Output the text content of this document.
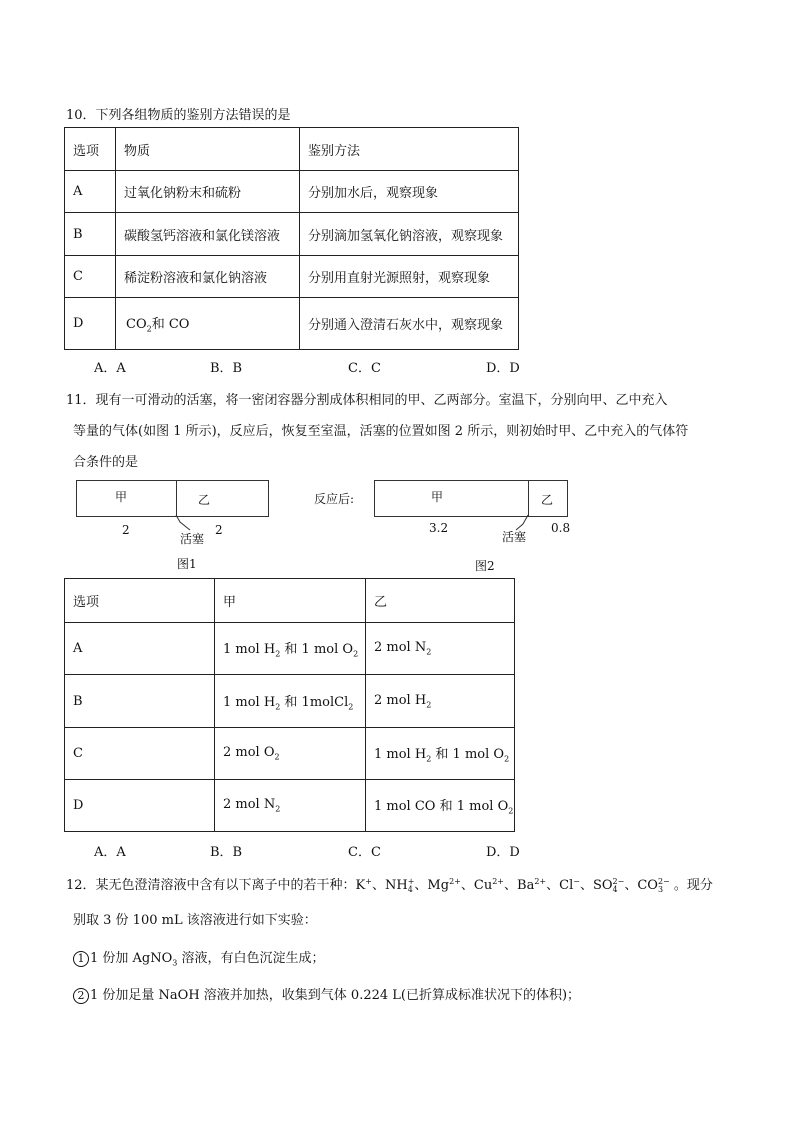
10．下列各组物质的鉴别方法错误的是
选项	物质	鉴别方法
A	过氧化钠粉末和硫粉	分别加水后，观察现象
B	碳酸氢钙溶液和氯化镁溶液	分别滴加氢氧化钠溶液，观察现象
C	稀淀粉溶液和氯化钠溶液	分别用直射光源照射，观察现象
D	$CO_2$和 CO	分别通入澄清石灰水中，观察现象
A．A	B．B	C．C	D．D
11．现有一可滑动的活塞，将一密闭容器分割成体积相同的甲、乙两部分。室温下，分别向甲、乙中充入
等量的气体(如图 1 所示)，反应后，恢复至室温，活塞的位置如图 2 所示，则初始时甲、乙中充入的气体符
合条件的是
甲	乙
2	2
活塞
图1
反应后:	甲	乙
3.2	0.8
活塞
图2
选项	甲	乙
A	1 mol $H_2$ 和 1 mol $O_2$	2 mol $N_2$
B	1 mol $H_2$ 和 1molCl$_2$	2 mol $H_2$
C	2 mol $O_2$	1 mol $H_2$ 和 1 mol $O_2$
D	2 mol $N_2$	1 mol CO 和 1 mol $O_2$
A．A	B．B	C．C	D．D
12．某无色澄清溶液中含有以下离子中的若干种：K +
、NH +
4 、Mg 2+
、Cu 2+
、Ba 2+
、Cl −
、SO 2−
4 、CO 2−
3 。现分
别取 3 份 100 mL 该溶液进行如下实验：
1 1 份加 AgNO$_3$ 溶液，有白色沉淀生成；
2 1 份加足量 NaOH 溶液并加热，收集到气体 0.224 L(已折算成标准状况下的体积)；
